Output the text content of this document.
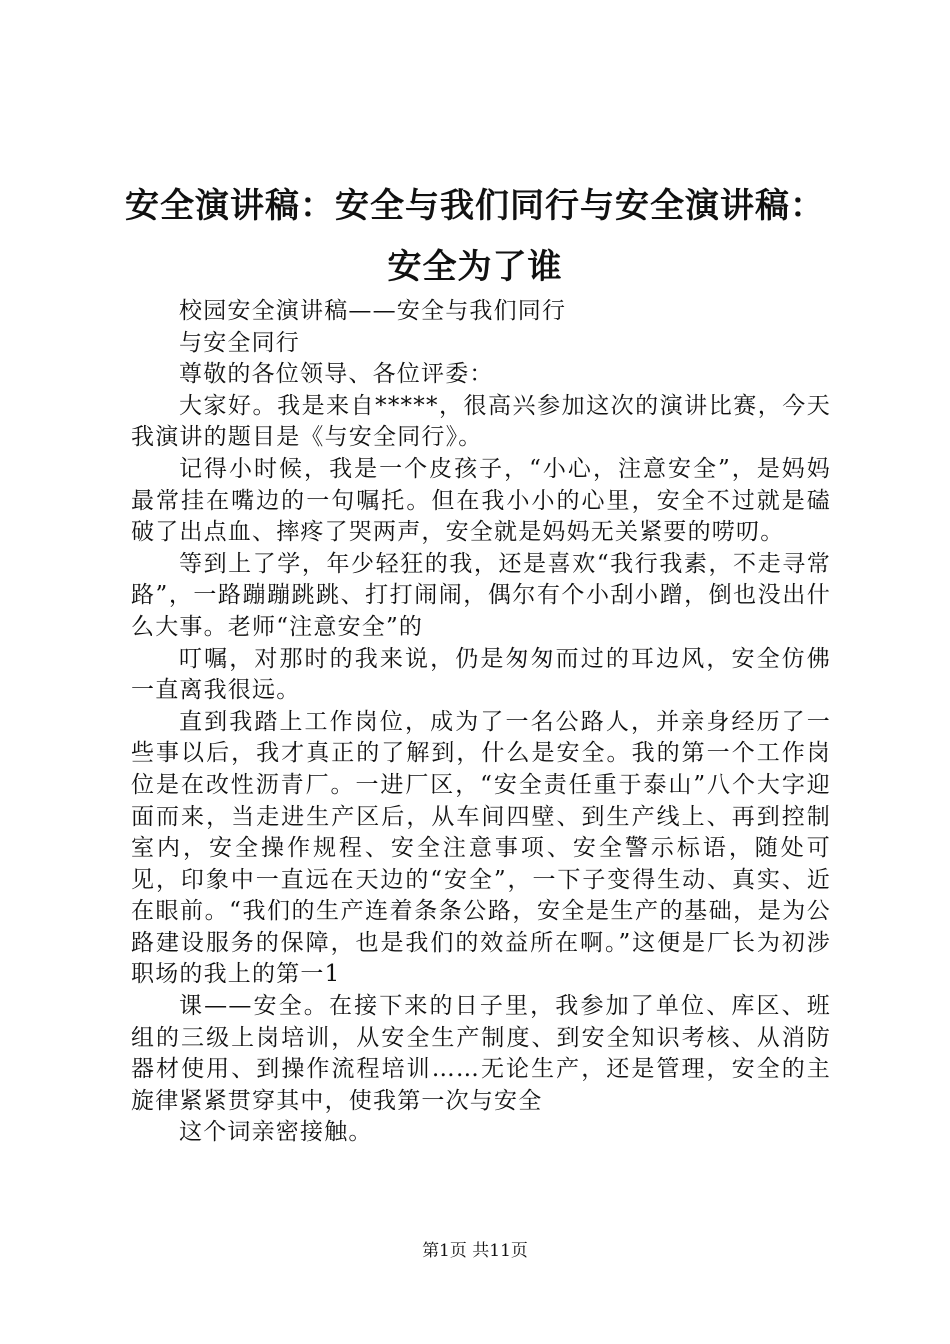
安全演讲稿：安全与我们同行与安全演讲稿：
安全为了谁

校园安全演讲稿——安全与我们同行

与安全同行

尊敬的各位领导、各位评委：

大家好。我是来自*****，很高兴参加这次的演讲比赛，今天我演讲的题目是《与安全同行》。

记得小时候，我是一个皮孩子，“小心，注意安全”，是妈妈最常挂在嘴边的一句嘱托。但在我小小的心里，安全不过就是磕破了出点血、摔疼了哭两声，安全就是妈妈无关紧要的唠叨。

等到上了学，年少轻狂的我，还是喜欢“我行我素，不走寻常路”，一路蹦蹦跳跳、打打闹闹，偶尔有个小刮小蹭，倒也没出什么大事。老师“注意安全”的

叮嘱，对那时的我来说，仍是匆匆而过的耳边风，安全仿佛一直离我很远。

直到我踏上工作岗位，成为了一名公路人，并亲身经历了一些事以后，我才真正的了解到，什么是安全。我的第一个工作岗位是在改性沥青厂。一进厂区，“安全责任重于泰山”八个大字迎面而来，当走进生产区后，从车间四壁、到生产线上、再到控制室内，安全操作规程、安全注意事项、安全警示标语，随处可见，印象中一直远在天边的“安全”，一下子变得生动、真实、近在眼前。“我们的生产连着条条公路，安全是生产的基础，是为公路建设服务的保障，也是我们的效益所在啊。”这便是厂长为初涉职场的我上的第一1

课——安全。在接下来的日子里，我参加了单位、库区、班组的三级上岗培训，从安全生产制度、到安全知识考核、从消防器材使用、到操作流程培训……无论生产，还是管理，安全的主旋律紧紧贯穿其中，使我第一次与安全

这个词亲密接触。

第1页 共11页
